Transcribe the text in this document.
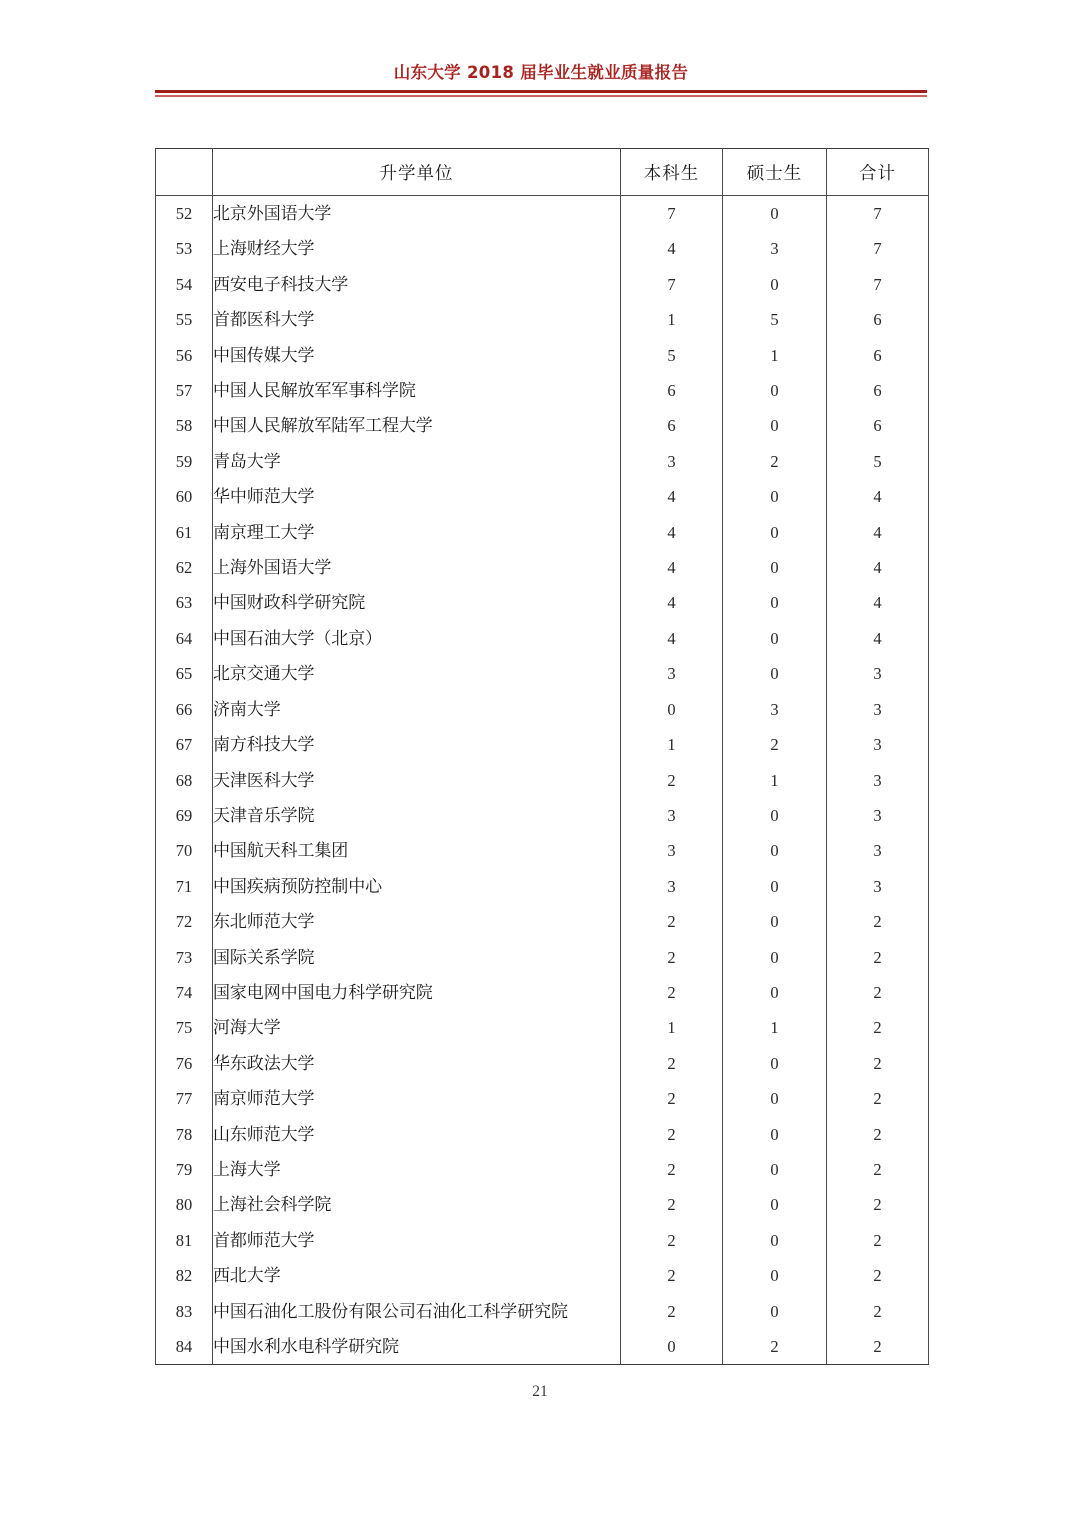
山东大学 2018 届毕业生就业质量报告
	升学单位	本科生	硕士生	合计
52	北京外国语大学	7	0	7
53	上海财经大学	4	3	7
54	西安电子科技大学	7	0	7
55	首都医科大学	1	5	6
56	中国传媒大学	5	1	6
57	中国人民解放军军事科学院	6	0	6
58	中国人民解放军陆军工程大学	6	0	6
59	青岛大学	3	2	5
60	华中师范大学	4	0	4
61	南京理工大学	4	0	4
62	上海外国语大学	4	0	4
63	中国财政科学研究院	4	0	4
64	中国石油大学（北京）	4	0	4
65	北京交通大学	3	0	3
66	济南大学	0	3	3
67	南方科技大学	1	2	3
68	天津医科大学	2	1	3
69	天津音乐学院	3	0	3
70	中国航天科工集团	3	0	3
71	中国疾病预防控制中心	3	0	3
72	东北师范大学	2	0	2
73	国际关系学院	2	0	2
74	国家电网中国电力科学研究院	2	0	2
75	河海大学	1	1	2
76	华东政法大学	2	0	2
77	南京师范大学	2	0	2
78	山东师范大学	2	0	2
79	上海大学	2	0	2
80	上海社会科学院	2	0	2
81	首都师范大学	2	0	2
82	西北大学	2	0	2
83	中国石油化工股份有限公司石油化工科学研究院	2	0	2
84	中国水利水电科学研究院	0	2	2
21
